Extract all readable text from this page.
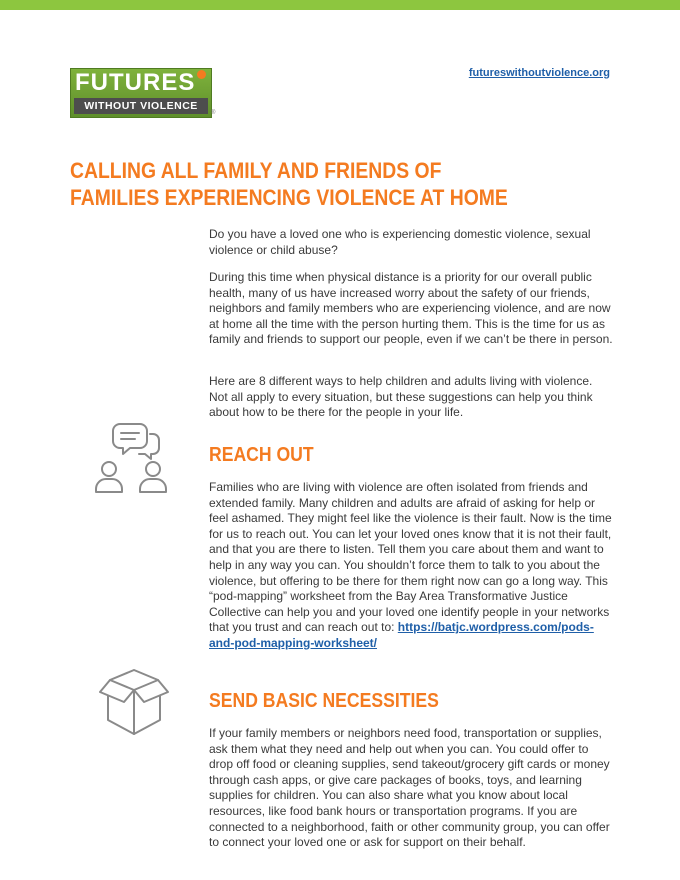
FUTURES
WITHOUT VIOLENCE
®
futureswithoutviolence.org
CALLING ALL FAMILY AND FRIENDS OF FAMILIES EXPERIENCING VIOLENCE AT HOME

Do you have a loved one who is experiencing domestic violence, sexual violence or child abuse?

During this time when physical distance is a priority for our overall public health, many of us have increased worry about the safety of our friends, neighbors and family members who are experiencing violence, and are now at home all the time with the person hurting them. This is the time for us as family and friends to support our people, even if we can’t be there in person.

Here are 8 different ways to help children and adults living with violence. Not all apply to every situation, but these suggestions can help you think about how to be there for the people in your life.

REACH OUT

Families who are living with violence are often isolated from friends and extended family. Many children and adults are afraid of asking for help or feel ashamed. They might feel like the violence is their fault. Now is the time for us to reach out. You can let your loved ones know that it is not their fault, and that you are there to listen. Tell them you care about them and want to help in any way you can. You shouldn’t force them to talk to you about the violence, but offering to be there for them right now can go a long way. This “pod-mapping” worksheet from the Bay Area Transformative Justice Collective can help you and your loved one identify people in your networks that you trust and can reach out to: https://batjc.wordpress.com/pods-and-pod-mapping-worksheet/

SEND BASIC NECESSITIES

If your family members or neighbors need food, transportation or supplies, ask them what they need and help out when you can. You could offer to drop off food or cleaning supplies, send takeout/grocery gift cards or money through cash apps, or give care packages of books, toys, and learning supplies for children. You can also share what you know about local resources, like food bank hours or transportation programs. If you are connected to a neighborhood, faith or other community group, you can offer to connect your loved one or ask for support on their behalf.
